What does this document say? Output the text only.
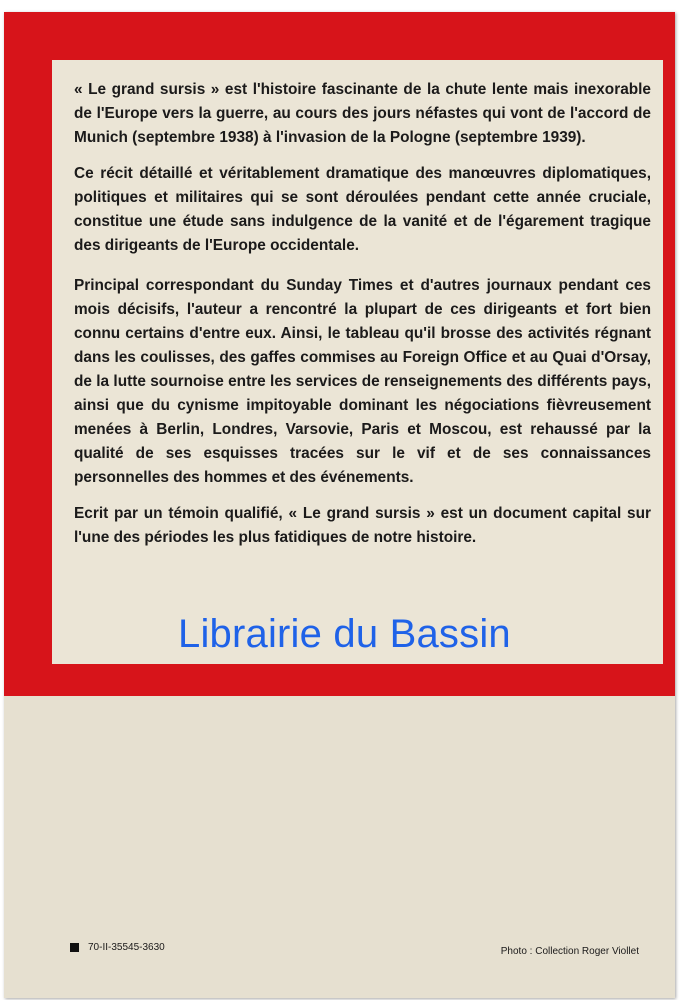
« Le grand sursis » est l'histoire fascinante de la chute lente mais inexorable de l'Europe vers la guerre, au cours des jours néfastes qui vont de l'accord de Munich (septembre 1938) à l'invasion de la Pologne (septembre 1939).

Ce récit détaillé et véritablement dramatique des manœuvres diplomatiques, politiques et militaires qui se sont déroulées pendant cette année cruciale, constitue une étude sans indulgence de la vanité et de l'égarement tragique des dirigeants de l'Europe occidentale.

Principal correspondant du Sunday Times et d'autres journaux pendant ces mois décisifs, l'auteur a rencontré la plupart de ces dirigeants et fort bien connu certains d'entre eux. Ainsi, le tableau qu'il brosse des activités régnant dans les coulisses, des gaffes commises au Foreign Office et au Quai d'Orsay, de la lutte sournoise entre les services de renseignements des différents pays, ainsi que du cynisme impitoyable dominant les négociations fièvreusement menées à Berlin, Londres, Varsovie, Paris et Moscou, est rehaussé par la qualité de ses esquisses tracées sur le vif et de ses connaissances personnelles des hommes et des événements.

Ecrit par un témoin qualifié, « Le grand sursis » est un document capital sur l'une des périodes les plus fatidiques de notre histoire.

Librairie du Bassin
70-II-35545-3630	Photo : Collection Roger Viollet
